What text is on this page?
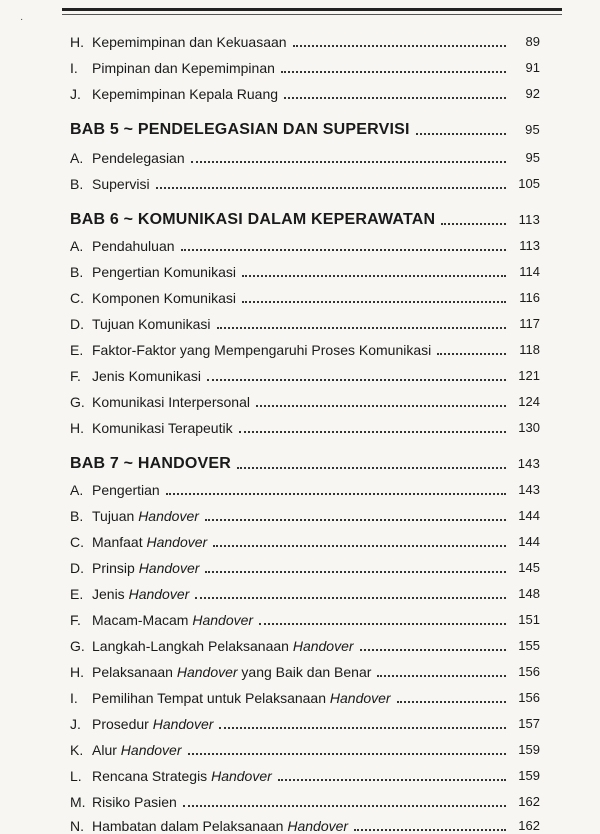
·
H. Kepemimpinan dan Kekuasaan	89
I.	Pimpinan dan Kepemimpinan	91
J. Kepemimpinan Kepala Ruang	92
BAB 5 ~ PENDELEGASIAN DAN SUPERVISI	95
A. Pendelegasian	95
B. Supervisi	105
BAB 6 ~ KOMUNIKASI DALAM KEPERAWATAN	113
A. Pendahuluan	113
B. Pengertian Komunikasi	114
C. Komponen Komunikasi	116
D. Tujuan Komunikasi	117
E. Faktor-Faktor yang Mempengaruhi Proses Komunikasi	118
F. Jenis Komunikasi	121
G. Komunikasi Interpersonal	124
H. Komunikasi Terapeutik	130
BAB 7 ~ HANDOVER	143
A. Pengertian	143
B. Tujuan Handover	144
C. Manfaat Handover	144
D. Prinsip Handover	145
E. Jenis Handover	148
F. Macam-Macam Handover	151
G. Langkah-Langkah Pelaksanaan Handover	155
H. Pelaksanaan Handover yang Baik dan Benar	156
I.	Pemilihan Tempat untuk Pelaksanaan Handover	156
J. Prosedur Handover	157
K. Alur Handover	159
L. Rencana Strategis Handover	159
M. Risiko Pasien	162
N. Hambatan dalam Pelaksanaan Handover	162
